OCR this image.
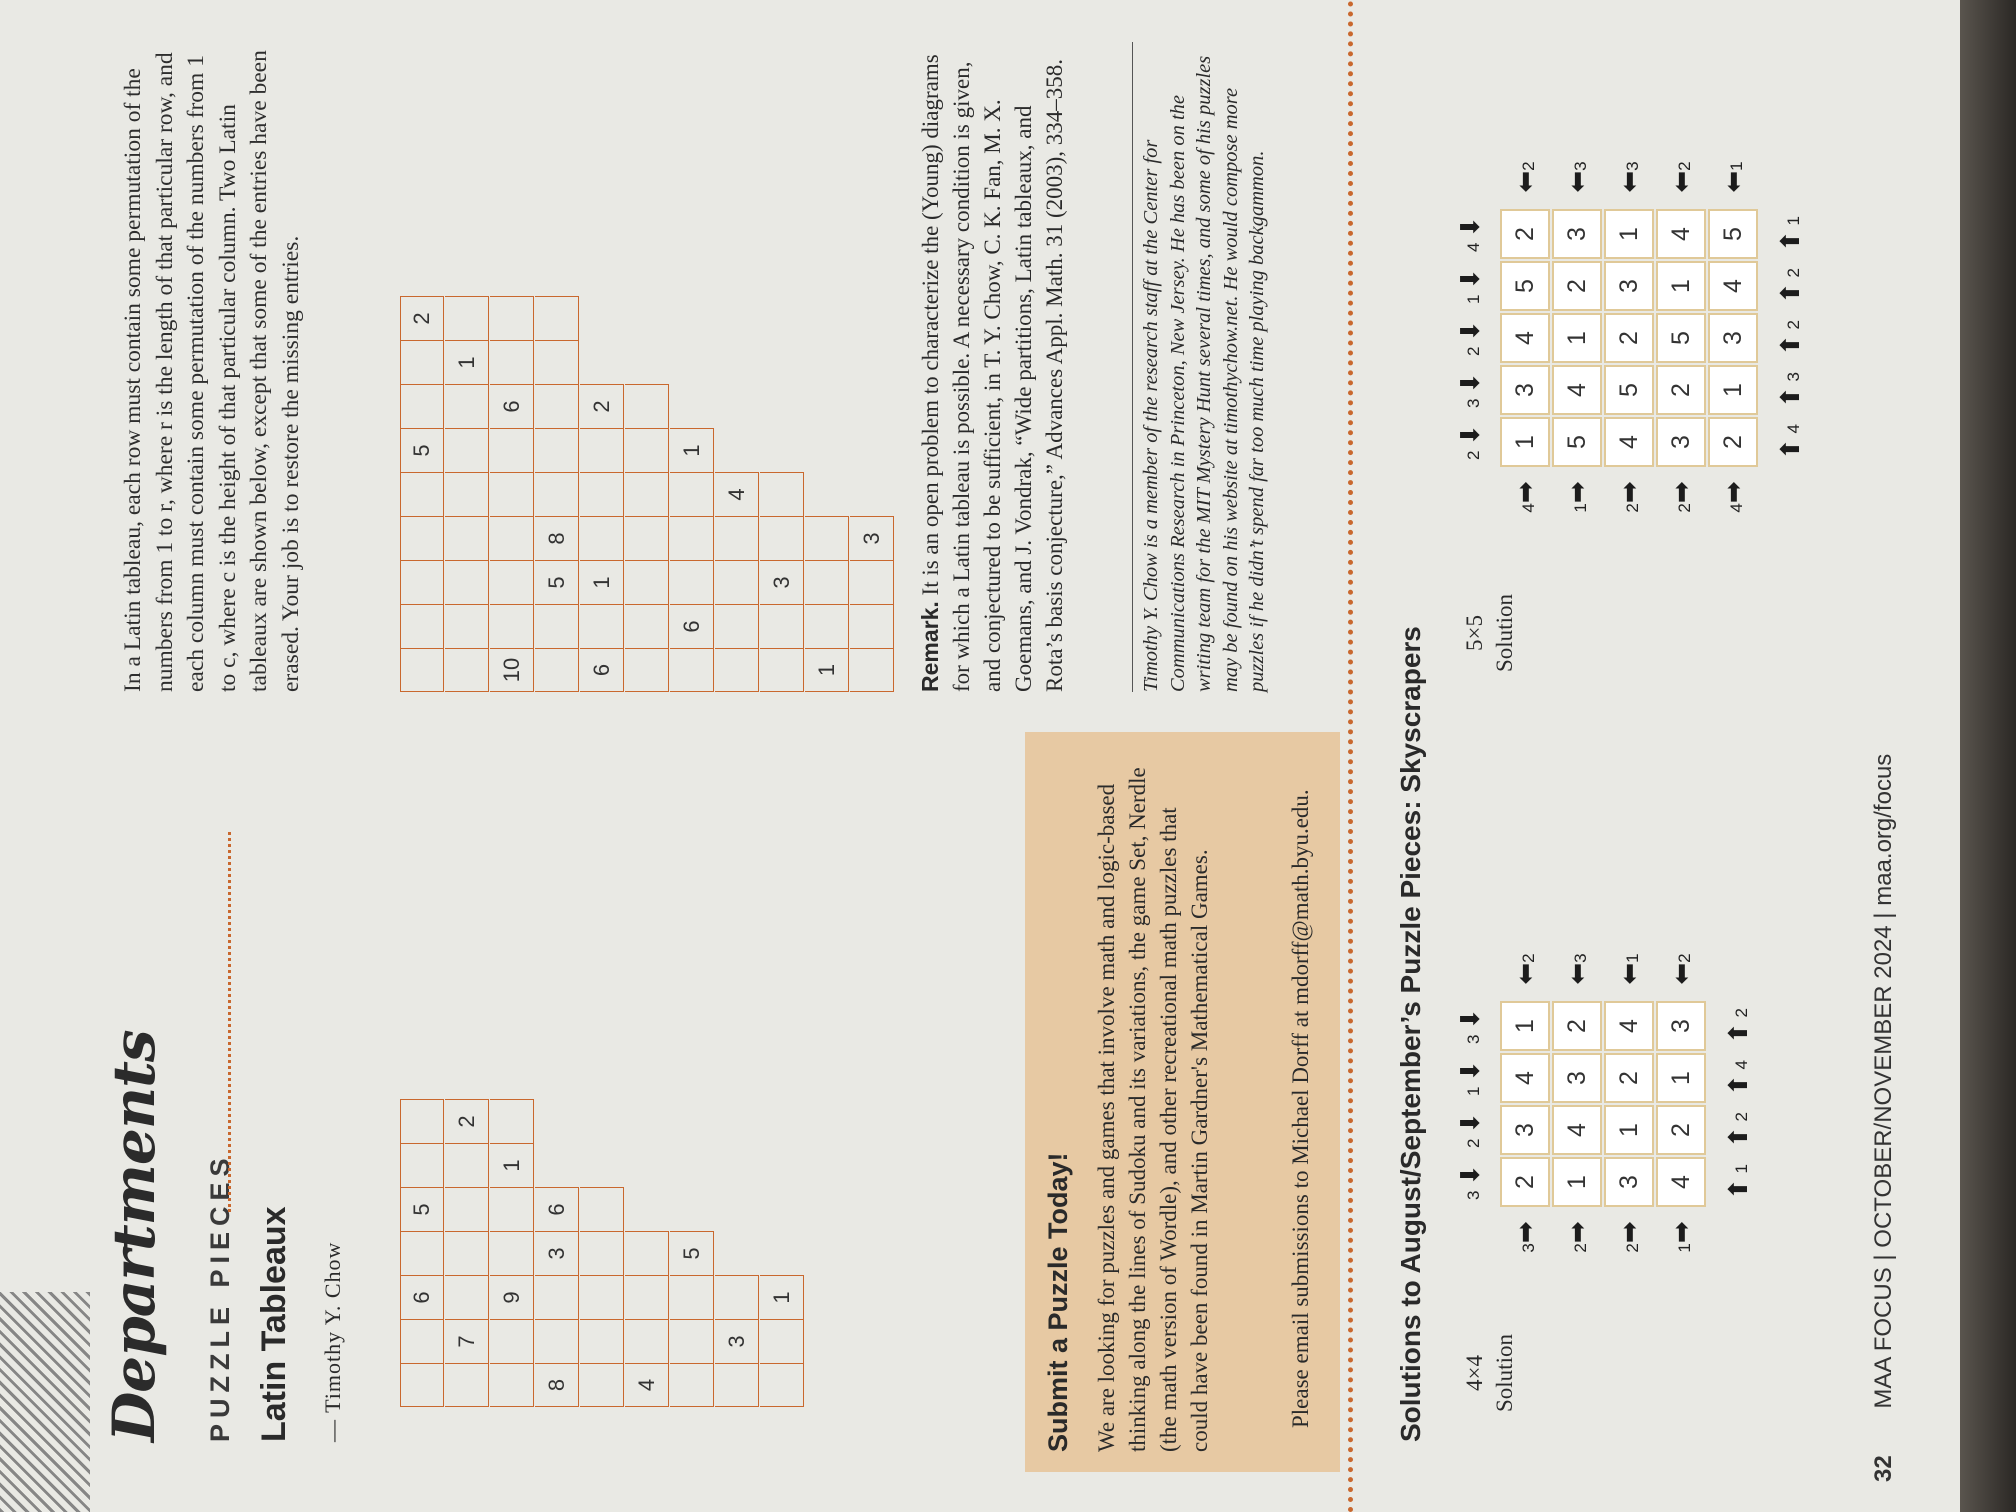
Departments PUZZLE PIECES Latin Tableaux — Timothy Y. Chow
In a Latin tableau, each row must contain some permutation of the numbers from 1 to r, where r is the length of that particular row, and each column must contain some permutation of the numbers from 1 to c, where c is the height of that particular column. Two Latin tableaux are shown below, except that some of the entries have been erased. Your job is to restore the missing entries.
6
5
7
2
9
1
8
3
6
4
5
3
1
5
2
1
10
6
5
8
6
1
2
6
1
4
3
1
3
Submit a Puzzle Today! We are looking for puzzles and games that involve math and logic-based thinking along the lines of Sudoku and its variations, the game Set, Nerdle (the math version of Wordle), and other recreational math puzzles that could have been found in Martin Gardner's Mathematical Games.	Please email submissions to Michael Dorff at mdorff@math.byu.edu.
Remark. It is an open problem to characterize the (Young) diagrams for which a Latin tableau is possible. A necessary condition is given, and conjectured to be sufficient, in T. Y. Chow, C. K. Fan, M. X. Goemans, and J. Vondrak, “Wide partitions, Latin tableaux, and Rota’s basis conjecture,” Advances Appl. Math. 31 (2003), 334–358.	Timothy Y. Chow is a member of the research staff at the Center for Communications Research in Princeton, New Jersey. He has been on the writing team for the MIT Mystery Hunt several times, and some of his puzzles may be found on his website at timothychow.net. He would compose more puzzles if he didn’t spend far too much time playing backgammon.
Solutions to August/September’s Puzzle Pieces: Skyscrapers 4×4 Solution
2
3
4
1
1
4
3
2
3
1
2
4
4
2
1
3
3 ⬇
2 ⬇
1 ⬇
3 ⬇
⬆ 1
⬆ 2
⬆ 4
⬆ 2
3➡
2➡
2➡
1➡
⬅2
⬅3
⬅1
⬅2
5×5 Solution
1
3
4
5
2
5
4
1
2
3
4
5
2
3
1
3
2
5
1
4
2
1
3
4
5
2 ⬇
3 ⬇
2 ⬇
1 ⬇
4 ⬇
⬆ 4
⬆ 3
⬆ 2
⬆ 2
⬆ 1
4➡
1➡
2➡
2➡
4➡
⬅2
⬅3
⬅3
⬅2
⬅1
32 MAA FOCUS | OCTOBER/NOVEMBER 2024 | maa.org/focus
